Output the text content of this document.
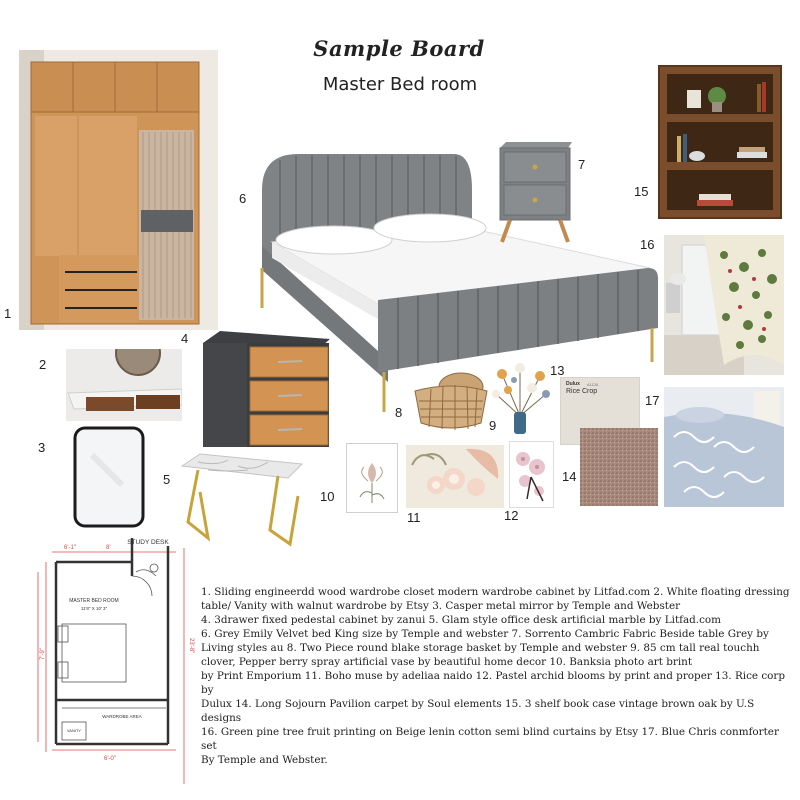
Sample Board
Master Bed room
1
2
3
4
5
6
7
15
16
8
9
Dulux A1126
Rice Crop
13
14
17
10
11	12
STUDY DESK
MASTER BED ROOM
11'8" X 10' 3"
WARDROBE AREA
VANITY
6'-1"	8'
7'-9"
23'-8"
6'-0"

1. Sliding engineerdd wood wardrobe closet modern wardrobe cabinet by Litfad.com 2. White floating dressing

table/ Vanity with walnut wardrobe by Etsy 3. Casper metal mirror by Temple and Webster

4. 3drawer fixed pedestal cabinet by zanui 5. Glam style office desk artificial marble by Litfad.com

6. Grey Emily Velvet bed King size by Temple and webster 7. Sorrento Cambric Fabric Beside table Grey by

Living styles au 8. Two Piece round blake storage basket by Temple and webster 9. 85 cm tall real touchh

clover, Pepper berry spray artificial vase by beautiful home decor 10. Banksia photo art brint

by Print Emporium 11. Boho muse by adeliaa naido 12. Pastel archid blooms by print and proper 13. Rice corp by

Dulux 14. Long Sojourn Pavilion carpet by Soul elements 15. 3 shelf book case vintage brown oak by U.S designs

16. Green pine tree fruit printing on Beige lenin cotton semi blind curtains by Etsy 17. Blue Chris conmforter set

By Temple and Webster.
